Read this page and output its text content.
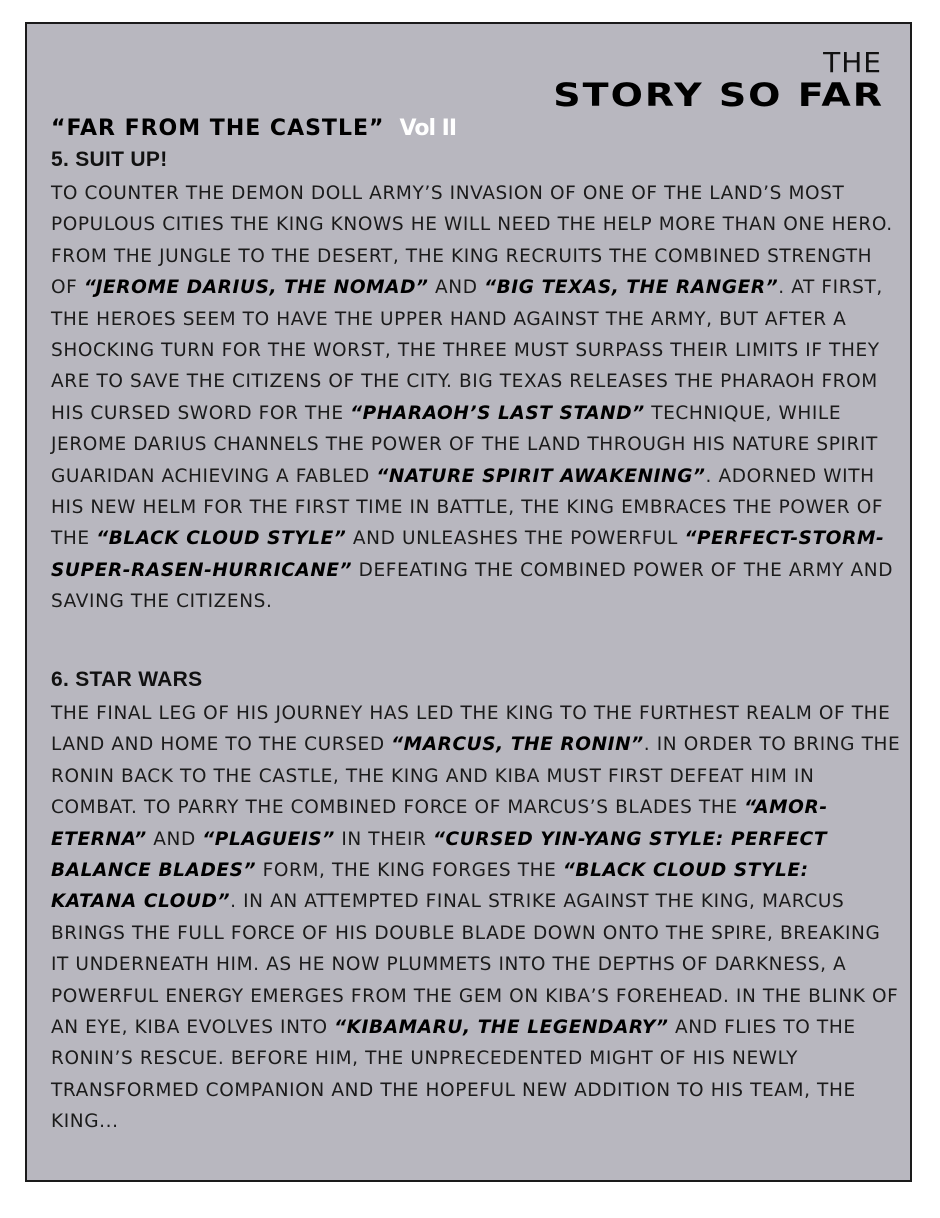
THE
STORY SO FAR
“FAR FROM THE CASTLE” Vol II
5. SUIT UP!

TO COUNTER THE DEMON DOLL ARMY’S INVASION OF ONE OF THE LAND’S MOST POPULOUS CITIES THE KING KNOWS HE WILL NEED THE HELP MORE THAN ONE HERO. FROM THE JUNGLE TO THE DESERT, THE KING RECRUITS THE COMBINED STRENGTH OF “JEROME DARIUS, THE NOMAD” AND “BIG TEXAS, THE RANGER”. AT FIRST, THE HEROES SEEM TO HAVE THE UPPER HAND AGAINST THE ARMY, BUT AFTER A SHOCKING TURN FOR THE WORST, THE THREE MUST SURPASS THEIR LIMITS IF THEY ARE TO SAVE THE CITIZENS OF THE CITY. BIG TEXAS RELEASES THE PHARAOH FROM HIS CURSED SWORD FOR THE “PHARAOH’S LAST STAND” TECHNIQUE, WHILE JEROME DARIUS CHANNELS THE POWER OF THE LAND THROUGH HIS NATURE SPIRIT GUARIDAN ACHIEVING A FABLED “NATURE SPIRIT AWAKENING”. ADORNED WITH HIS NEW HELM FOR THE FIRST TIME IN BATTLE, THE KING EMBRACES THE POWER OF THE “BLACK CLOUD STYLE” AND UNLEASHES THE POWERFUL “PERFECT-STORM-SUPER-RASEN-HURRICANE” DEFEATING THE COMBINED POWER OF THE ARMY AND SAVING THE CITIZENS.

6. STAR WARS

THE FINAL LEG OF HIS JOURNEY HAS LED THE KING TO THE FURTHEST REALM OF THE LAND AND HOME TO THE CURSED “MARCUS, THE RONIN”. IN ORDER TO BRING THE RONIN BACK TO THE CASTLE, THE KING AND KIBA MUST FIRST DEFEAT HIM IN COMBAT. TO PARRY THE COMBINED FORCE OF MARCUS’S BLADES THE “AMOR-ETERNA” AND “PLAGUEIS” IN THEIR “CURSED YIN-YANG STYLE: PERFECT BALANCE BLADES” FORM, THE KING FORGES THE “BLACK CLOUD STYLE: KATANA CLOUD”. IN AN ATTEMPTED FINAL STRIKE AGAINST THE KING, MARCUS BRINGS THE FULL FORCE OF HIS DOUBLE BLADE DOWN ONTO THE SPIRE, BREAKING IT UNDERNEATH HIM. AS HE NOW PLUMMETS INTO THE DEPTHS OF DARKNESS, A POWERFUL ENERGY EMERGES FROM THE GEM ON KIBA’S FOREHEAD. IN THE BLINK OF AN EYE, KIBA EVOLVES INTO “KIBAMARU, THE LEGENDARY” AND FLIES TO THE RONIN’S RESCUE. BEFORE HIM, THE UNPRECEDENTED MIGHT OF HIS NEWLY TRANSFORMED COMPANION AND THE HOPEFUL NEW ADDITION TO HIS TEAM, THE KING...
